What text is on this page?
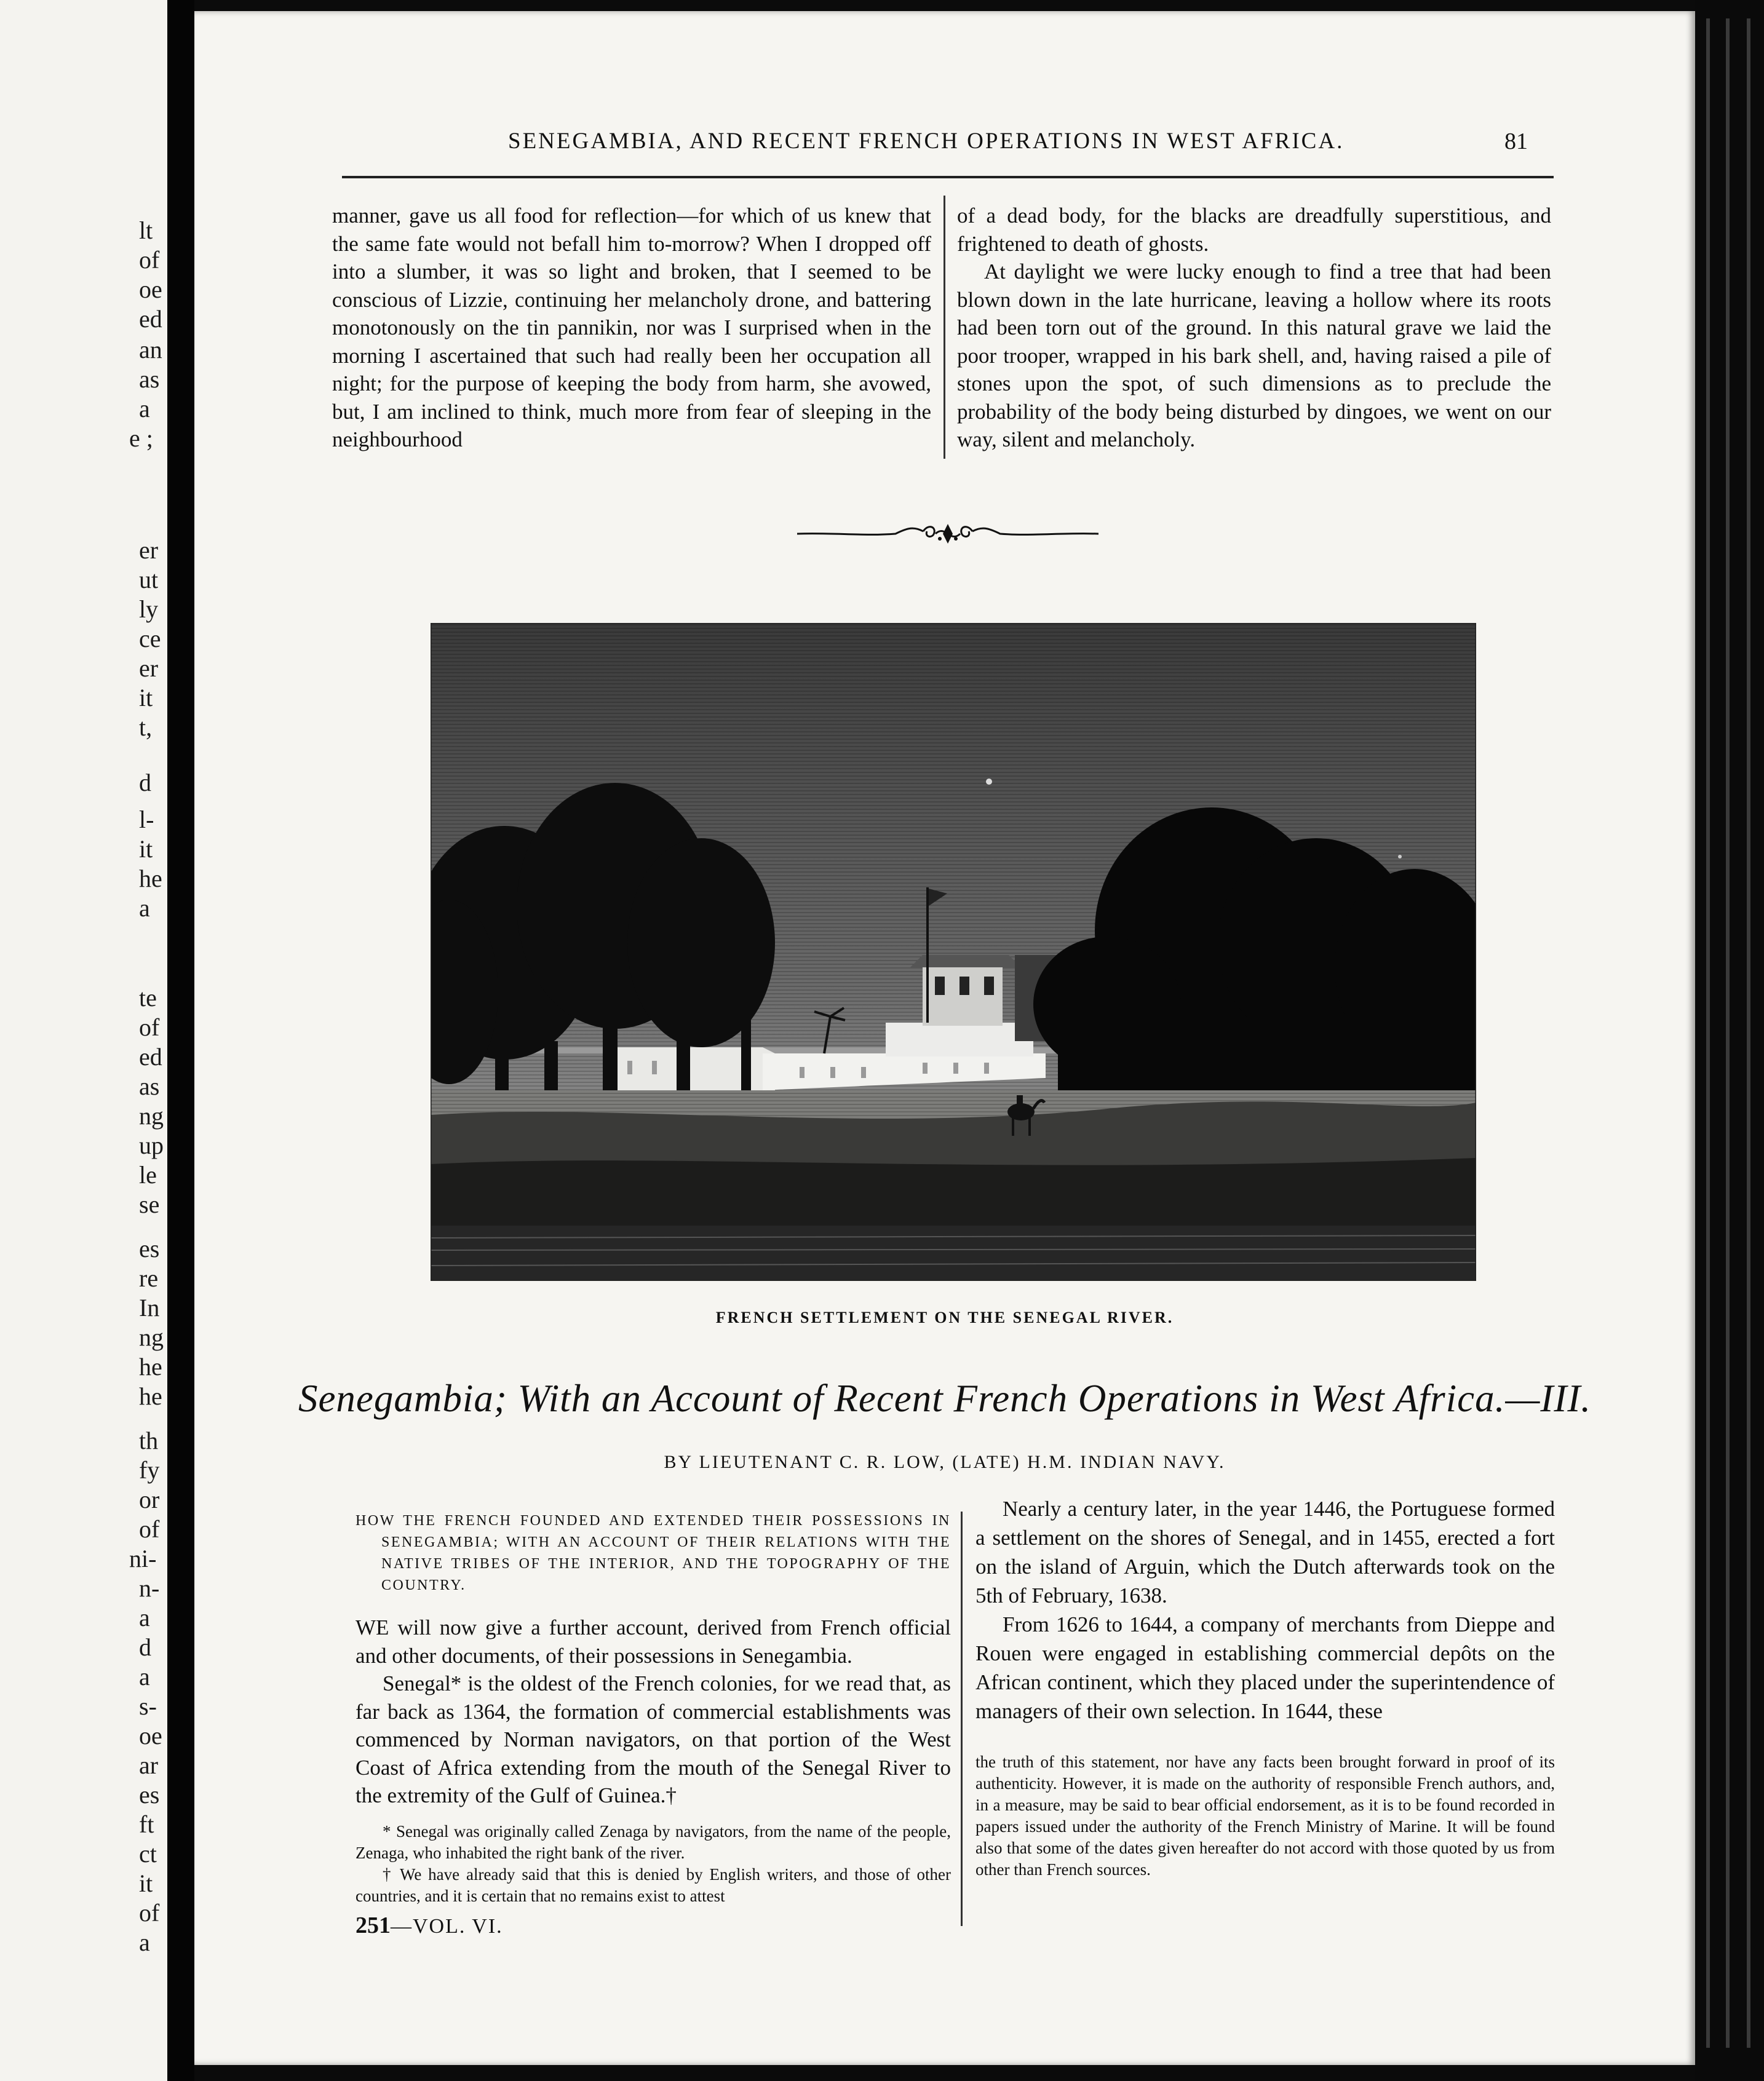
lt
of
oe
ed
an
as
a
e ;
er
ut
ly
ce
er
it
t,
d
l-
it
he
a
te
of
ed
as
ng
up
le
se
es
re
In
ng
he
he
th
fy
or
of
ni-
n-
a
d
a
s-
oe
ar
es
ft
ct
it
of
a
SENEGAMBIA, AND RECENT FRENCH OPERATIONS IN WEST AFRICA.	81

manner, gave us all food for reflection—for which of us knew that the same fate would not befall him to-morrow? When I dropped off into a slumber, it was so light and broken, that I seemed to be conscious of Lizzie, continuing her melancholy drone, and battering monotonously on the tin pannikin, nor was I surprised when in the morning I ascertained that such had really been her occupation all night; for the purpose of keeping the body from harm, she avowed, but, I am inclined to think, much more from fear of sleeping in the neighbourhood

of a dead body, for the blacks are dreadfully superstitious, and frightened to death of ghosts.

At daylight we were lucky enough to find a tree that had been blown down in the late hurricane, leaving a hollow where its roots had been torn out of the ground. In this natural grave we laid the poor trooper, wrapped in his bark shell, and, having raised a pile of stones upon the spot, of such dimensions as to preclude the probability of the body being disturbed by dingoes, we went on our way, silent and melancholy.

FRENCH SETTLEMENT ON THE SENEGAL RIVER.
Senegambia; With an Account of Recent French Operations in West Africa.—III.
BY LIEUTENANT C. R. LOW, (LATE) H.M. INDIAN NAVY.
HOW THE FRENCH FOUNDED AND EXTENDED THEIR POSSESSIONS IN SENEGAMBIA; WITH AN ACCOUNT OF THEIR RELATIONS WITH THE NATIVE TRIBES OF THE INTERIOR, AND THE TOPOGRAPHY OF THE COUNTRY.

WE will now give a further account, derived from French official and other documents, of their possessions in Senegambia.

Senegal* is the oldest of the French colonies, for we read that, as far back as 1364, the formation of commercial establishments was commenced by Norman navigators, on that portion of the West Coast of Africa extending from the mouth of the Senegal River to the extremity of the Gulf of Guinea.†

* Senegal was originally called Zenaga by navigators, from the name of the people, Zenaga, who inhabited the right bank of the river.

† We have already said that this is denied by English writers, and those of other countries, and it is certain that no remains exist to attest

251—VOL. VI.

Nearly a century later, in the year 1446, the Portuguese formed a settlement on the shores of Senegal, and in 1455, erected a fort on the island of Arguin, which the Dutch afterwards took on the 5th of February, 1638.

From 1626 to 1644, a company of merchants from Dieppe and Rouen were engaged in establishing commercial depôts on the African continent, which they placed under the superintendence of managers of their own selection. In 1644, these

the truth of this statement, nor have any facts been brought forward in proof of its authenticity. However, it is made on the authority of responsible French authors, and, in a measure, may be said to bear official endorsement, as it is to be found recorded in papers issued under the authority of the French Ministry of Marine. It will be found also that some of the dates given hereafter do not accord with those quoted by us from other than French sources.
